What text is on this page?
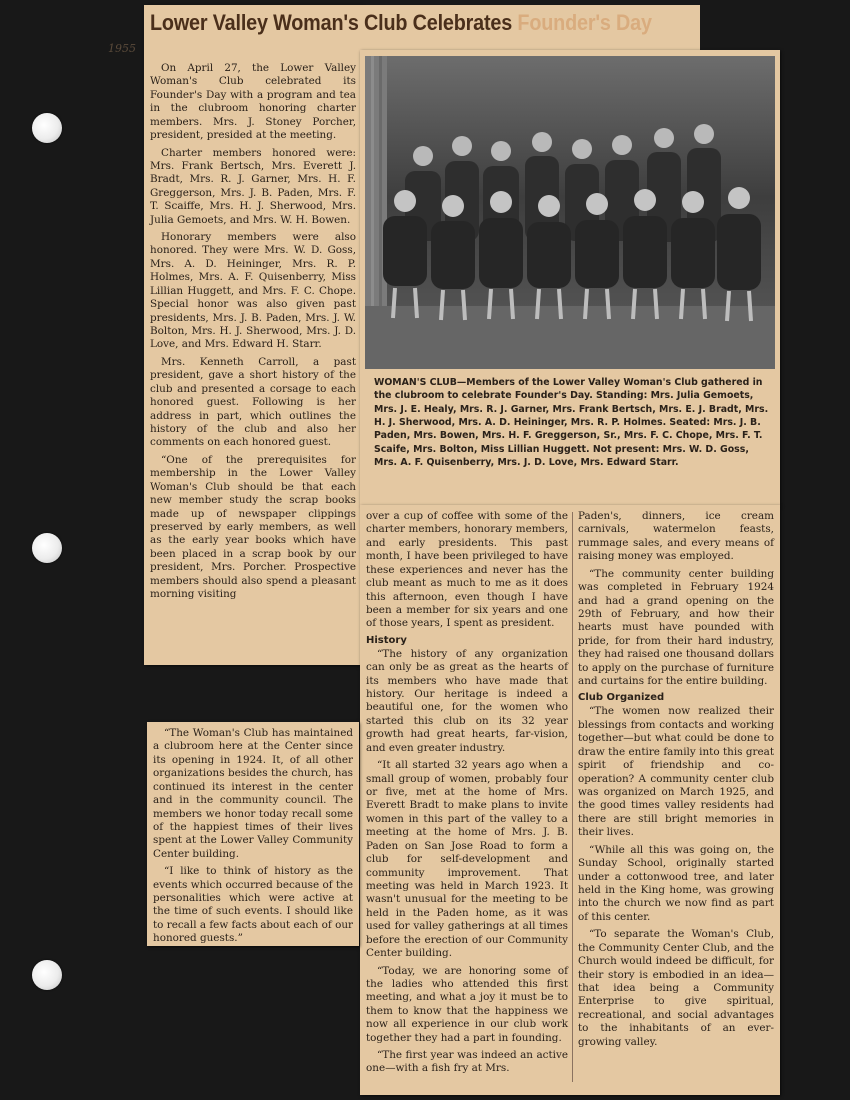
Lower Valley Woman's Club Celebrates Founder's Day
1955

On April 27, the Lower Valley Woman's Club celebrated its Founder's Day with a program and tea in the clubroom honoring charter members. Mrs. J. Stoney Porcher, president, presided at the meeting.

Charter members honored were: Mrs. Frank Bertsch, Mrs. Everett J. Bradt, Mrs. R. J. Garner, Mrs. H. F. Greggerson, Mrs. J. B. Paden, Mrs. F. T. Scaiffe, Mrs. H. J. Sherwood, Mrs. Julia Gemoets, and Mrs. W. H. Bowen.

Honorary members were also honored. They were Mrs. W. D. Goss, Mrs. A. D. Heininger, Mrs. R. P. Holmes, Mrs. A. F. Quisenberry, Miss Lillian Huggett, and Mrs. F. C. Chope. Special honor was also given past presidents, Mrs. J. B. Paden, Mrs. J. W. Bolton, Mrs. H. J. Sherwood, Mrs. J. D. Love, and Mrs. Edward H. Starr.

Mrs. Kenneth Carroll, a past president, gave a short history of the club and presented a corsage to each honored guest. Following is her address in part, which outlines the history of the club and also her comments on each honored guest.

“One of the prerequisites for membership in the Lower Valley Woman's Club should be that each new member study the scrap books made up of newspaper clippings preserved by early members, as well as the early year books which have been placed in a scrap book by our president, Mrs. Porcher. Prospective members should also spend a pleasant morning visiting

WOMAN'S CLUB—Members of the Lower Valley Woman's Club gathered in the clubroom to celebrate Founder's Day. Standing: Mrs. Julia Gemoets, Mrs. J. E. Healy, Mrs. R. J. Garner, Mrs. Frank Bertsch, Mrs. E. J. Bradt, Mrs. H. J. Sherwood, Mrs. A. D. Heininger, Mrs. R. P. Holmes. Seated: Mrs. J. B. Paden, Mrs. Bowen, Mrs. H. F. Greggerson, Sr., Mrs. F. C. Chope, Mrs. F. T. Scaife, Mrs. Bolton, Miss Lillian Huggett. Not present: Mrs. W. D. Goss, Mrs. A. F. Quisenberry, Mrs. J. D. Love, Mrs. Edward Starr.

over a cup of coffee with some of the charter members, honorary members, and early presidents. This past month, I have been privileged to have these experiences and never has the club meant as much to me as it does this afternoon, even though I have been a member for six years and one of those years, I spent as president.

History

“The history of any organization can only be as great as the hearts of its members who have made that history. Our heritage is indeed a beautiful one, for the women who started this club on its 32 year growth had great hearts, far-vision, and even greater industry.

“It all started 32 years ago when a small group of women, probably four or five, met at the home of Mrs. Everett Bradt to make plans to invite women in this part of the valley to a meeting at the home of Mrs. J. B. Paden on San Jose Road to form a club for self-development and community improvement. That meeting was held in March 1923. It wasn't unusual for the meeting to be held in the Paden home, as it was used for valley gatherings at all times before the erection of our Community Center building.

“Today, we are honoring some of the ladies who attended this first meeting, and what a joy it must be to them to know that the happiness we now all experience in our club work together they had a part in founding.

“The first year was indeed an active one—with a fish fry at Mrs.

Paden's, dinners, ice cream carnivals, watermelon feasts, rummage sales, and every means of raising money was employed.

“The community center building was completed in February 1924 and had a grand opening on the 29th of February, and how their hearts must have pounded with pride, for from their hard industry, they had raised one thousand dollars to apply on the purchase of furniture and curtains for the entire building.

Club Organized

“The women now realized their blessings from contacts and working together—but what could be done to draw the entire family into this great spirit of friendship and co-operation? A community center club was organized on March 1925, and the good times valley residents had there are still bright memories in their lives.

“While all this was going on, the Sunday School, originally started under a cottonwood tree, and later held in the King home, was growing into the church we now find as part of this center.

“To separate the Woman's Club, the Community Center Club, and the Church would indeed be difficult, for their story is embodied in an idea—that idea being a Community Enterprise to give spiritual, recreational, and social advantages to the inhabitants of an ever-growing valley.

“The Woman's Club has maintained a clubroom here at the Center since its opening in 1924. It, of all other organizations besides the church, has continued its interest in the center and in the community council. The members we honor today recall some of the happiest times of their lives spent at the Lower Valley Community Center building.

“I like to think of history as the events which occurred because of the personalities which were active at the time of such events. I should like to recall a few facts about each of our honored guests.”
